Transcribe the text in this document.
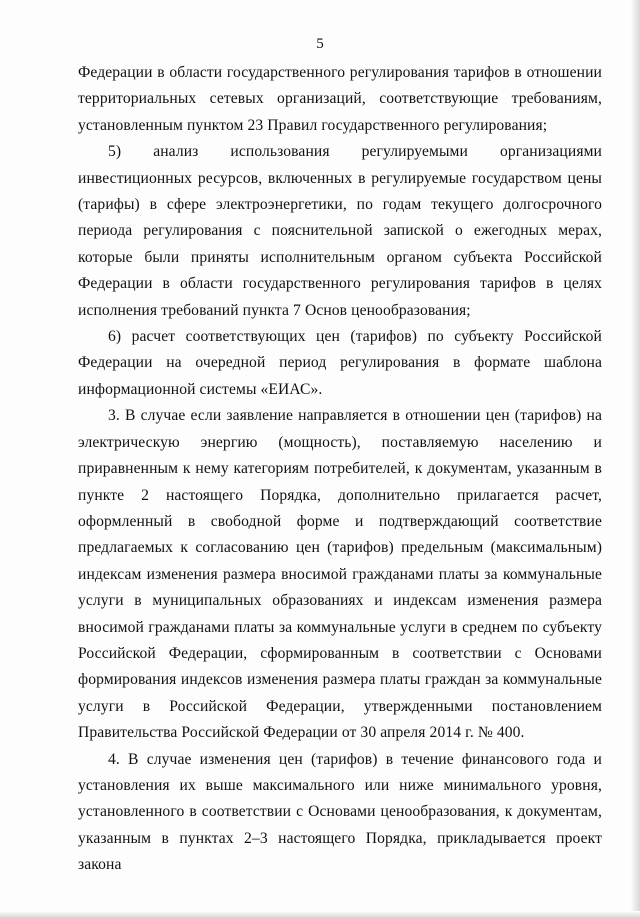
5

Федерации в области государственного регулирования тарифов в отношении территориальных сетевых организаций, соответствующие требованиям, установленным пунктом 23 Правил государственного регулирования;

5) анализ использования регулируемыми организациями инвестиционных ресурсов, включенных в регулируемые государством цены (тарифы) в сфере электроэнергетики, по годам текущего долгосрочного периода регулирования с пояснительной запиской о ежегодных мерах, которые были приняты исполнительным органом субъекта Российской Федерации в области государственного регулирования тарифов в целях исполнения требований пункта 7 Основ ценообразования;

6) расчет соответствующих цен (тарифов) по субъекту Российской Федерации на очередной период регулирования в формате шаблона информационной системы «ЕИАС».

3. В случае если заявление направляется в отношении цен (тарифов) на электрическую энергию (мощность), поставляемую населению и приравненным к нему категориям потребителей, к документам, указанным в пункте 2 настоящего Порядка, дополнительно прилагается расчет, оформленный в свободной форме и подтверждающий соответствие предлагаемых к согласованию цен (тарифов) предельным (максимальным) индексам изменения размера вносимой гражданами платы за коммунальные услуги в муниципальных образованиях и индексам изменения размера вносимой гражданами платы за коммунальные услуги в среднем по субъекту Российской Федерации, сформированным в соответствии с Основами формирования индексов изменения размера платы граждан за коммунальные услуги в Российской Федерации, утвержденными постановлением Правительства Российской Федерации от 30 апреля 2014 г. № 400.

4. В случае изменения цен (тарифов) в течение финансового года и установления их выше максимального или ниже минимального уровня, установленного в соответствии с Основами ценообразования, к документам, указанным в пунктах 2–3 настоящего Порядка, прикладывается проект закона
